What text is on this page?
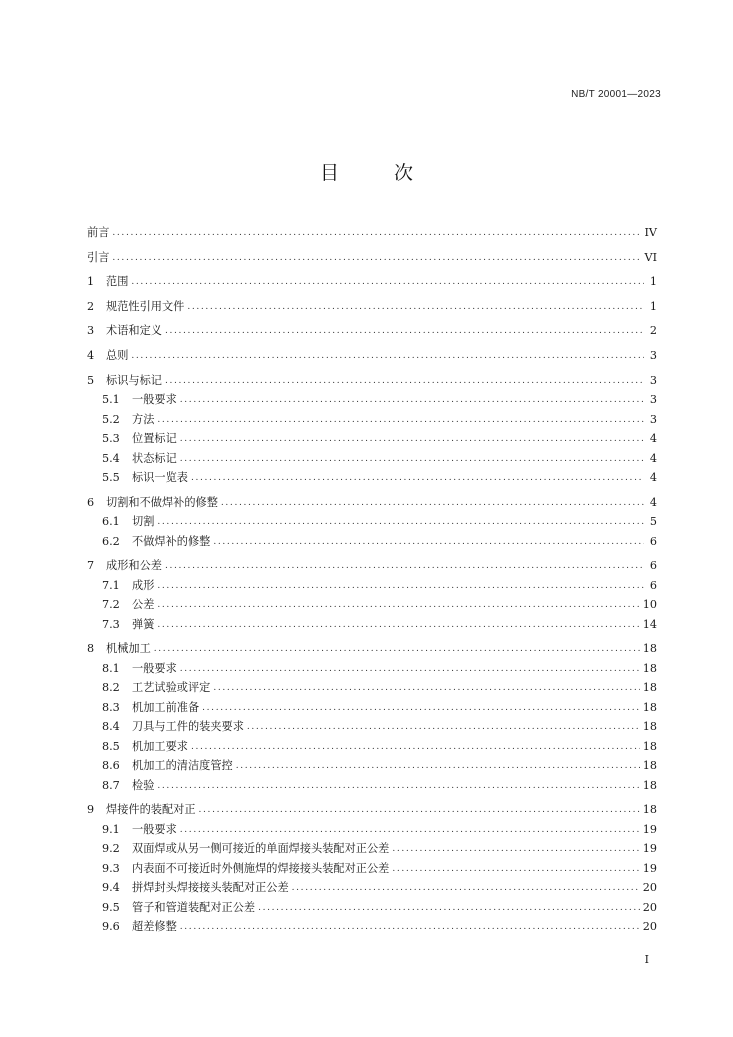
NB/T 20001—2023
目　次
前言 . . .	IV
引言 . . .	VI
1	范围 . . .	1
2	规范性引用文件 . . .	1
3	术语和定义 . . .	2
4	总则 . . .	3
5	标识与标记 . . .	3
5.1	一般要求 . . .	3
5.2	方法 . . .	3
5.3	位置标记 . . .	4
5.4	状态标记 . . .	4
5.5	标识一览表 . . .	4
6	切割和不做焊补的修整 . . .	4
6.1	切割 . . .	5
6.2	不做焊补的修整 . . .	6
7	成形和公差 . . .	6
7.1	成形 . . .	6
7.2	公差 . . .	10
7.3	弹簧 . . .	14
8	机械加工 . . .	18
8.1	一般要求 . . .	18
8.2	工艺试验或评定 . . .	18
8.3	机加工前准备 . . .	18
8.4	刀具与工件的装夹要求 . . .	18
8.5	机加工要求 . . .	18
8.6	机加工的清洁度管控 . . .	18
8.7	检验 . . .	18
9	焊接件的装配对正 . . .	18
9.1	一般要求 . . .	19
9.2	双面焊或从另一侧可接近的单面焊接头装配对正公差 . . .	19
9.3	内表面不可接近时外侧施焊的焊接接头装配对正公差 . . .	19
9.4	拼焊封头焊接接头装配对正公差 . . .	20
9.5	管子和管道装配对正公差 . . .	20
9.6	超差修整 . . .	20
I
